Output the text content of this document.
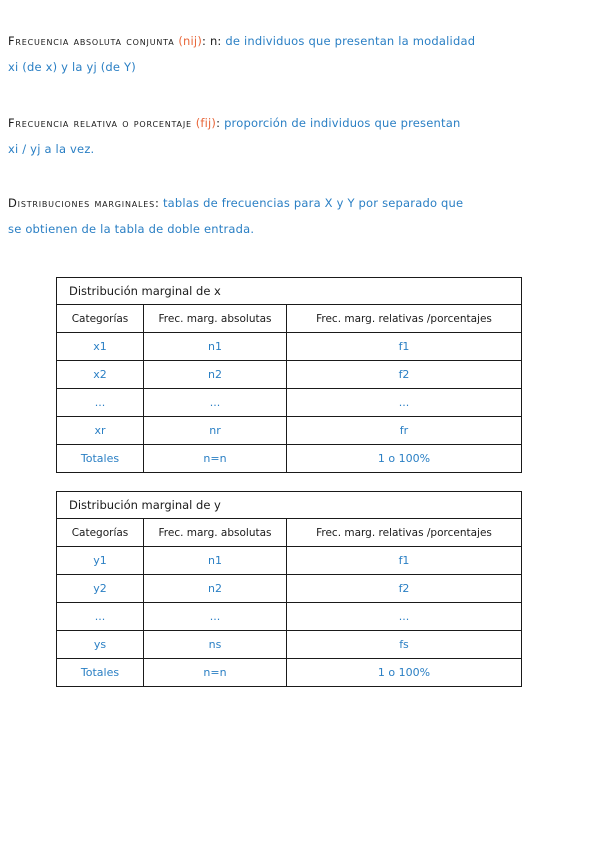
Frecuencia absoluta conjunta (nij): n: de individuos que presentan la modalidad
xi (de x) y la yj (de Y)
Frecuencia relativa o porcentaje (fij): proporción de individuos que presentan
xi / yj a la vez.
Distribuciones marginales: tablas de frecuencias para X y Y por separado que
se obtienen de la tabla de doble entrada.
Distribución marginal de x		
Categorías	Frec. marg. absolutas	Frec. marg. relativas /porcentajes
x1	n1	f1
x2	n2	f2
...	...	...
xr	nr	fr
Totales	n=n	1 o 100%
Distribución marginal de y		
Categorías	Frec. marg. absolutas	Frec. marg. relativas /porcentajes
y1	n1	f1
y2	n2	f2
...	...	...
ys	ns	fs
Totales	n=n	1 o 100%
